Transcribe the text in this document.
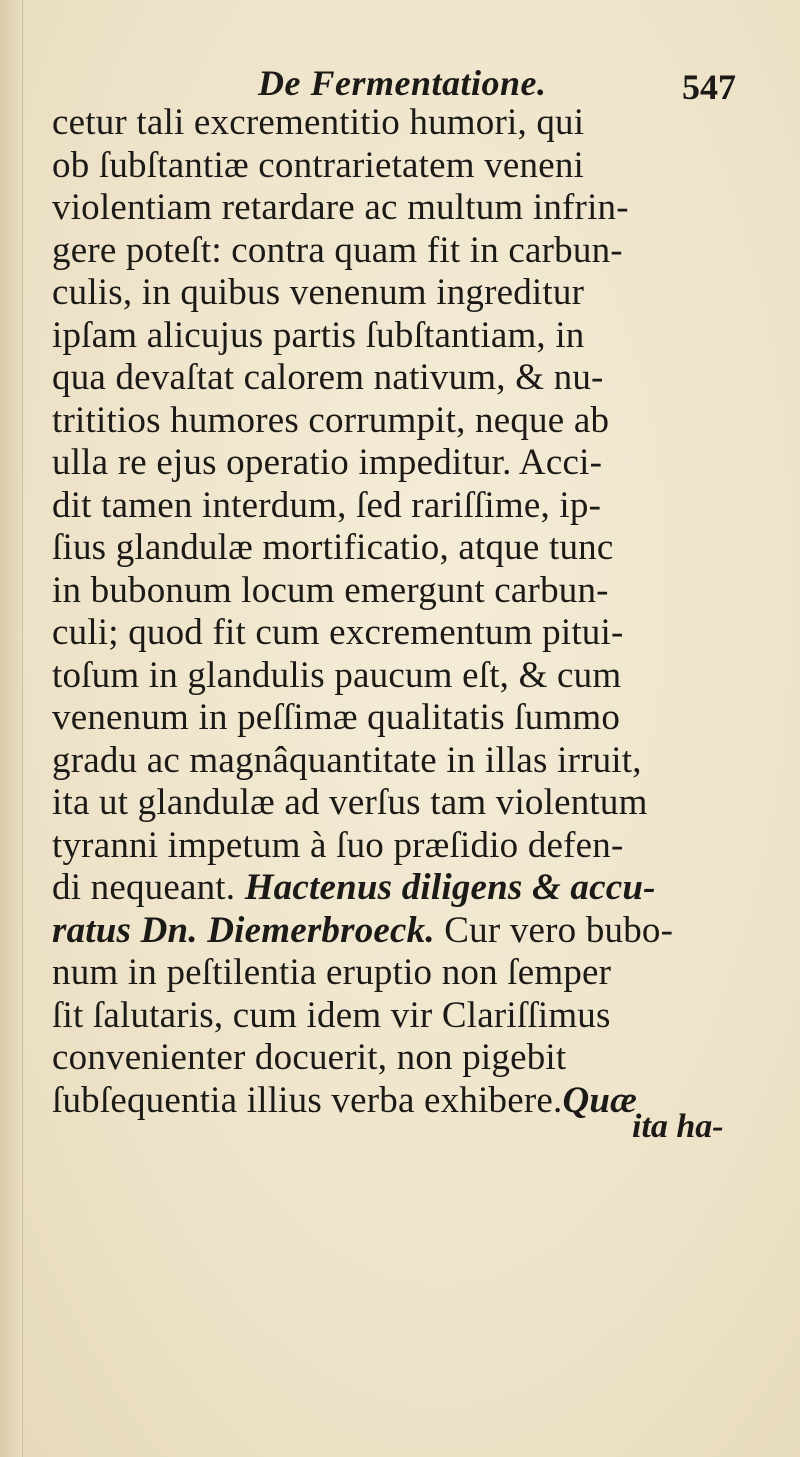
De Fermentatione.	547
cetur tali excrementitio humori, qui
ob ſubſtantiæ contrarietatem veneni
violentiam retardare ac multum infrin-
gere poteſt: contra quam fit in carbun-
culis, in quibus venenum ingreditur
ipſam alicujus partis ſubſtantiam, in
qua devaſtat calorem nativum, & nu-
trititios humores corrumpit, neque ab
ulla re ejus operatio impeditur. Acci-
dit tamen interdum, ſed rariſſime, ip-
ſius glandulæ mortificatio, atque tunc
in bubonum locum emergunt carbun-
culi; quod fit cum excrementum pitui-
toſum in glandulis paucum eſt, & cum
venenum in peſſimæ qualitatis ſummo
gradu ac magnâquantitate in illas irruit,
ita ut glandulæ ad verſus tam violentum
tyranni impetum à ſuo præſidio defen-
di nequeant. Hactenus diligens & accu-
ratus Dn. Diemerbroeck. Cur vero bubo-
num in peſtilentia eruptio non ſemper
ſit ſalutaris, cum idem vir Clariſſimus
convenienter docuerit, non pigebit
ſubſequentia illius verba exhibere.Quæ
ita ha-
